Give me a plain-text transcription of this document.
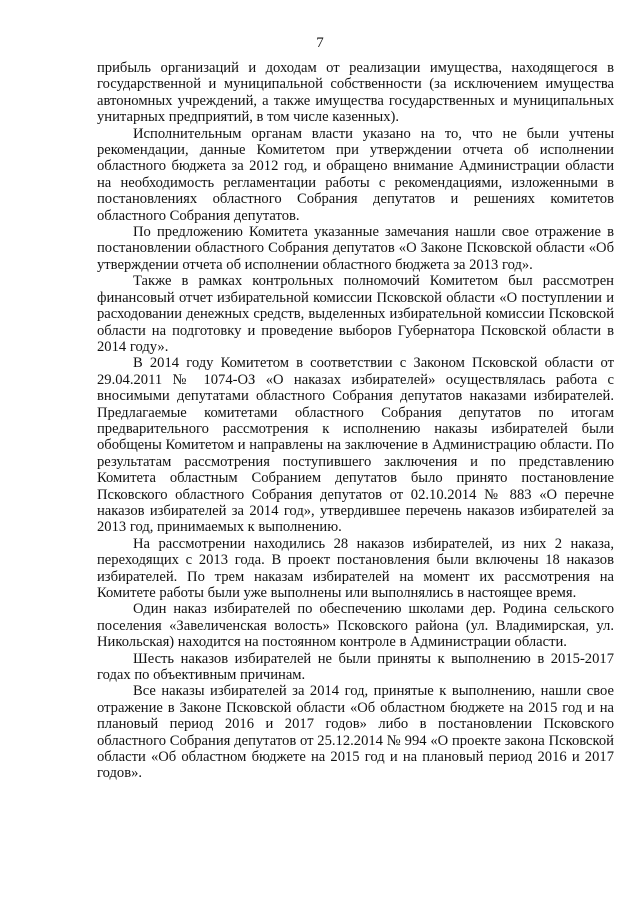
7

прибыль организаций и доходам от реализации имущества, находящегося в государственной и муниципальной собственности (за исключением имущества автономных учреждений, а также имущества государственных и муниципальных унитарных предприятий, в том числе казенных).

Исполнительным органам власти указано на то, что не были учтены рекомендации, данные Комитетом при утверждении отчета об исполнении областного бюджета за 2012 год, и обращено внимание Администрации области на необходимость регламентации работы с рекомендациями, изложенными в постановлениях областного Собрания депутатов и решениях комитетов областного Собрания депутатов.

По предложению Комитета указанные замечания нашли свое отражение в постановлении областного Собрания депутатов «О Законе Псковской области «Об утверждении отчета об исполнении областного бюджета за 2013 год».

Также в рамках контрольных полномочий Комитетом был рассмотрен финансовый отчет избирательной комиссии Псковской области «О поступлении и расходовании денежных средств, выделенных избирательной комиссии Псковской области на подготовку и проведение выборов Губернатора Псковской области в 2014 году».

В 2014 году Комитетом в соответствии с Законом Псковской области от 29.04.2011 № 1074-ОЗ «О наказах избирателей» осуществлялась работа с вносимыми депутатами областного Собрания депутатов наказами избирателей. Предлагаемые комитетами областного Собрания депутатов по итогам предварительного рассмотрения к исполнению наказы избирателей были обобщены Комитетом и направлены на заключение в Администрацию области. По результатам рассмотрения поступившего заключения и по представлению Комитета областным Собранием депутатов было принято постановление Псковского областного Собрания депутатов от 02.10.2014 № 883 «О перечне наказов избирателей за 2014 год», утвердившее перечень наказов избирателей за 2013 год, принимаемых к выполнению.

На рассмотрении находились 28 наказов избирателей, из них 2 наказа, переходящих с 2013 года. В проект постановления были включены 18 наказов избирателей. По трем наказам избирателей на момент их рассмотрения на Комитете работы были уже выполнены или выполнялись в настоящее время.

Один наказ избирателей по обеспечению школами дер. Родина сельского поселения «Завеличенская волость» Псковского района (ул. Владимирская, ул. Никольская) находится на постоянном контроле в Администрации области.

Шесть наказов избирателей не были приняты к выполнению в 2015-2017 годах по объективным причинам.

Все наказы избирателей за 2014 год, принятые к выполнению, нашли свое отражение в Законе Псковской области «Об областном бюджете на 2015 год и на плановый период 2016 и 2017 годов» либо в постановлении Псковского областного Собрания депутатов от 25.12.2014 № 994 «О проекте закона Псковской области «Об областном бюджете на 2015 год и на плановый период 2016 и 2017 годов».
